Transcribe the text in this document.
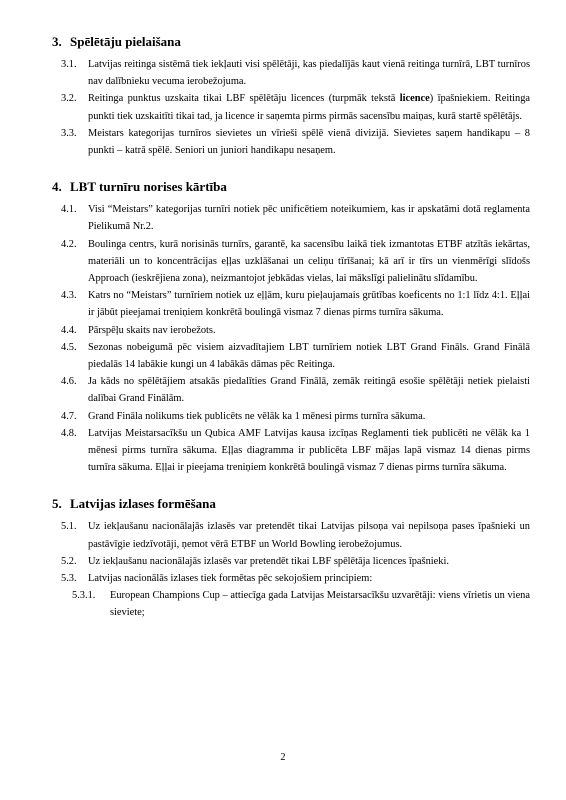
3. Spēlētāju pielaišana

3.1. Latvijas reitinga sistēmā tiek iekļauti visi spēlētāji, kas piedalījās kaut vienā reitinga turnīrā, LBT turnīros nav dalībnieku vecuma ierobežojuma.

3.2. Reitinga punktus uzskaita tikai LBF spēlētāju licences (turpmāk tekstā licence) īpašniekiem. Reitinga punkti tiek uzskaitīti tikai tad, ja licence ir saņemta pirms pirmās sacensību maiņas, kurā startē spēlētājs.

3.3. Meistars kategorijas turnīros sievietes un vīrieši spēlē vienā divizijā. Sievietes saņem handikapu – 8 punkti – katrā spēlē. Seniori un juniori handikapu nesaņem.

4. LBT turnīru norises kārtība

4.1. Visi “Meistars” kategorijas turnīri notiek pēc unificētiem noteikumiem, kas ir apskatāmi dotā reglamenta Pielikumā Nr.2.

4.2. Boulinga centrs, kurā norisinās turnīrs, garantē, ka sacensību laikā tiek izmantotas ETBF atzītās iekārtas, materiāli un to koncentrācijas eļļas uzklāšanai un celiņu tīrīšanai; kā arī ir tīrs un vienmērīgi slīdošs Approach (ieskrējiena zona), neizmantojot jebkādas vielas, lai mākslīgi palielinātu slīdamību.

4.3. Katrs no “Meistars” turnīriem notiek uz eļļām, kuru pieļaujamais grūtības koeficents no 1:1 līdz 4:1. Eļļai ir jābūt pieejamai treniņiem konkrētā boulingā vismaz 7 dienas pirms turnīra sākuma.

4.4. Pārspēļu skaits nav ierobežots.

4.5. Sezonas nobeigumā pēc visiem aizvadītajiem LBT turnīriem notiek LBT Grand Fināls. Grand Finālā piedalās 14 labākie kungi un 4 labākās dāmas pēc Reitinga.

4.6. Ja kāds no spēlētājiem atsakās piedalīties Grand Finālā, zemāk reitingā esošie spēlētāji netiek pielaisti dalībai Grand Finālām.

4.7. Grand Fināla nolikums tiek publicēts ne vēlāk ka 1 mēnesi pirms turnīra sākuma.

4.8. Latvijas Meistarsacīkšu un Qubica AMF Latvijas kausa izcīņas Reglamenti tiek publicēti ne vēlāk ka 1 mēnesi pirms turnīra sākuma. Eļļas diagramma ir publicēta LBF mājas lapā vismaz 14 dienas pirms turnīra sākuma. Eļļai ir pieejama treniņiem konkrētā boulingā vismaz 7 dienas pirms turnīra sākuma.

5. Latvijas izlases formēšana

5.1. Uz iekļaušanu nacionālajās izlasēs var pretendēt tikai Latvijas pilsoņa vai nepilsoņa pases īpašnieki un pastāvīgie iedzīvotāji, ņemot vērā ETBF un World Bowling ierobežojumus.

5.2. Uz iekļaušanu nacionālajās izlasēs var pretendēt tikai LBF spēlētāja licences īpašnieki.

5.3. Latvijas nacionālās izlases tiek formētas pēc sekojošiem principiem:

5.3.1. European Champions Cup – attiecīga gada Latvijas Meistarsacīkšu uzvarētāji: viens vīrietis un viena sieviete;

2
